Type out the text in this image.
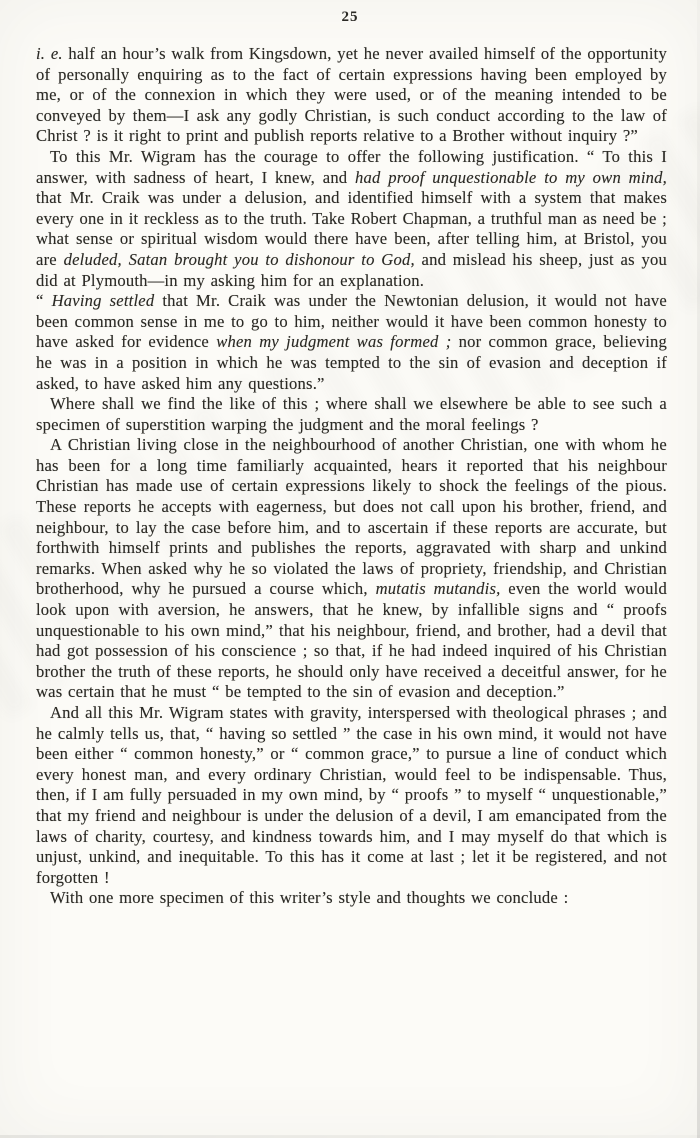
25

i. e. half an hour’s walk from Kingsdown, yet he never availed himself of the opportunity of personally enquiring as to the fact of certain expressions having been employed by me, or of the connexion in which they were used, or of the meaning intended to be conveyed by them—I ask any godly Christian, is such conduct according to the law of Christ ? is it right to print and publish reports relative to a Brother without inquiry ?”

To this Mr. Wigram has the courage to offer the following justification. “ To this I answer, with sadness of heart, I knew, and had proof unquestionable to my own mind, that Mr. Craik was under a delusion, and identified himself with a system that makes every one in it reckless as to the truth. Take Robert Chapman, a truthful man as need be ; what sense or spiritual wisdom would there have been, after telling him, at Bristol, you are deluded, Satan brought you to dishonour to God, and mislead his sheep, just as you did at Plymouth—in my asking him for an explanation.

“ Having settled that Mr. Craik was under the Newtonian delusion, it would not have been common sense in me to go to him, neither would it have been common honesty to have asked for evidence when my judgment was formed ; nor common grace, believing he was in a position in which he was tempted to the sin of evasion and deception if asked, to have asked him any questions.”

Where shall we find the like of this ; where shall we elsewhere be able to see such a specimen of superstition warping the judgment and the moral feelings ?

A Christian living close in the neighbourhood of another Christian, one with whom he has been for a long time familiarly acquainted, hears it reported that his neighbour Christian has made use of certain expressions likely to shock the feelings of the pious. These reports he accepts with eagerness, but does not call upon his brother, friend, and neighbour, to lay the case before him, and to ascertain if these reports are accurate, but forthwith himself prints and publishes the reports, aggravated with sharp and unkind remarks. When asked why he so violated the laws of propriety, friendship, and Christian brotherhood, why he pursued a course which, mutatis mutandis, even the world would look upon with aversion, he answers, that he knew, by infallible signs and “ proofs unquestionable to his own mind,” that his neighbour, friend, and brother, had a devil that had got possession of his conscience ; so that, if he had indeed inquired of his Christian brother the truth of these reports, he should only have received a deceitful answer, for he was certain that he must “ be tempted to the sin of evasion and deception.”

And all this Mr. Wigram states with gravity, interspersed with theological phrases ; and he calmly tells us, that, “ having so settled ” the case in his own mind, it would not have been either “ common honesty,” or “ common grace,” to pursue a line of conduct which every honest man, and every ordinary Christian, would feel to be indispensable. Thus, then, if I am fully persuaded in my own mind, by “ proofs ” to myself “ unquestionable,” that my friend and neighbour is under the delusion of a devil, I am emancipated from the laws of charity, courtesy, and kindness towards him, and I may myself do that which is unjust, unkind, and inequitable. To this has it come at last ; let it be registered, and not forgotten !

With one more specimen of this writer’s style and thoughts we conclude :
